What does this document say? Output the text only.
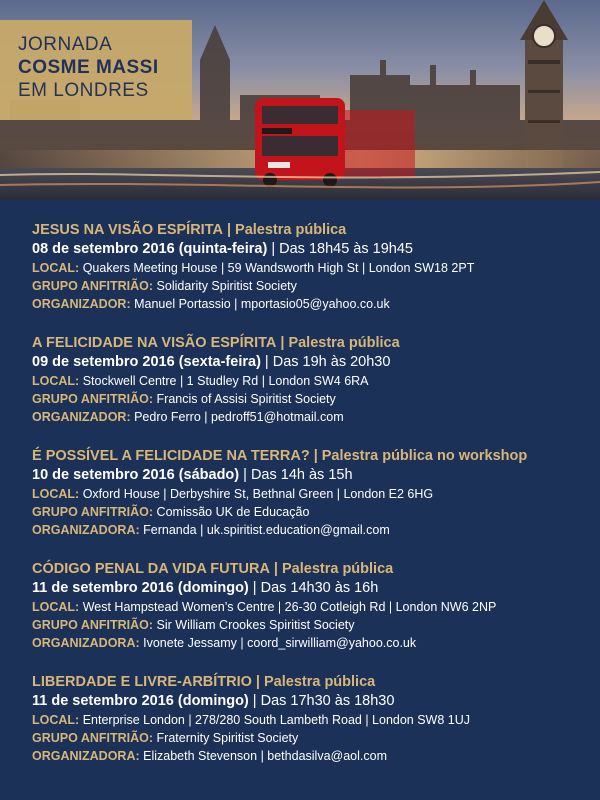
JORNADA
COSME MASSI
EM LONDRES
JESUS NA VISÃO ESPÍRITA | Palestra pública
08 de setembro 2016 (quinta-feira) | Das 18h45 às 19h45
LOCAL: Quakers Meeting House | 59 Wandsworth High St | London SW18 2PT
GRUPO ANFITRIÃO: Solidarity Spiritist Society
ORGANIZADOR: Manuel Portassio | mportasio05@yahoo.co.uk
A FELICIDADE NA VISÃO ESPÍRITA | Palestra pública
09 de setembro 2016 (sexta-feira) | Das 19h às 20h30
LOCAL: Stockwell Centre | 1 Studley Rd | London SW4 6RA
GRUPO ANFITRIÃO: Francis of Assisi Spiritist Society
ORGANIZADOR: Pedro Ferro | pedroff51@hotmail.com
É POSSÍVEL A FELICIDADE NA TERRA? | Palestra pública no workshop
10 de setembro 2016 (sábado) | Das 14h às 15h
LOCAL: Oxford House | Derbyshire St, Bethnal Green | London E2 6HG
GRUPO ANFITRIÃO: Comissão UK de Educação
ORGANIZADORA: Fernanda | uk.spiritist.education@gmail.com
CÓDIGO PENAL DA VIDA FUTURA | Palestra pública
11 de setembro 2016 (domingo) | Das 14h30 às 16h
LOCAL: West Hampstead Women’s Centre | 26-30 Cotleigh Rd | London NW6 2NP
GRUPO ANFITRIÃO: Sir William Crookes Spiritist Society
ORGANIZADORA: Ivonete Jessamy | coord_sirwilliam@yahoo.co.uk
LIBERDADE E LIVRE-ARBÍTRIO | Palestra pública
11 de setembro 2016 (domingo) | Das 17h30 às 18h30
LOCAL: Enterprise London | 278/280 South Lambeth Road | London SW8 1UJ
GRUPO ANFITRIÃO: Fraternity Spiritist Society
ORGANIZADORA: Elizabeth Stevenson | bethdasilva@aol.com
